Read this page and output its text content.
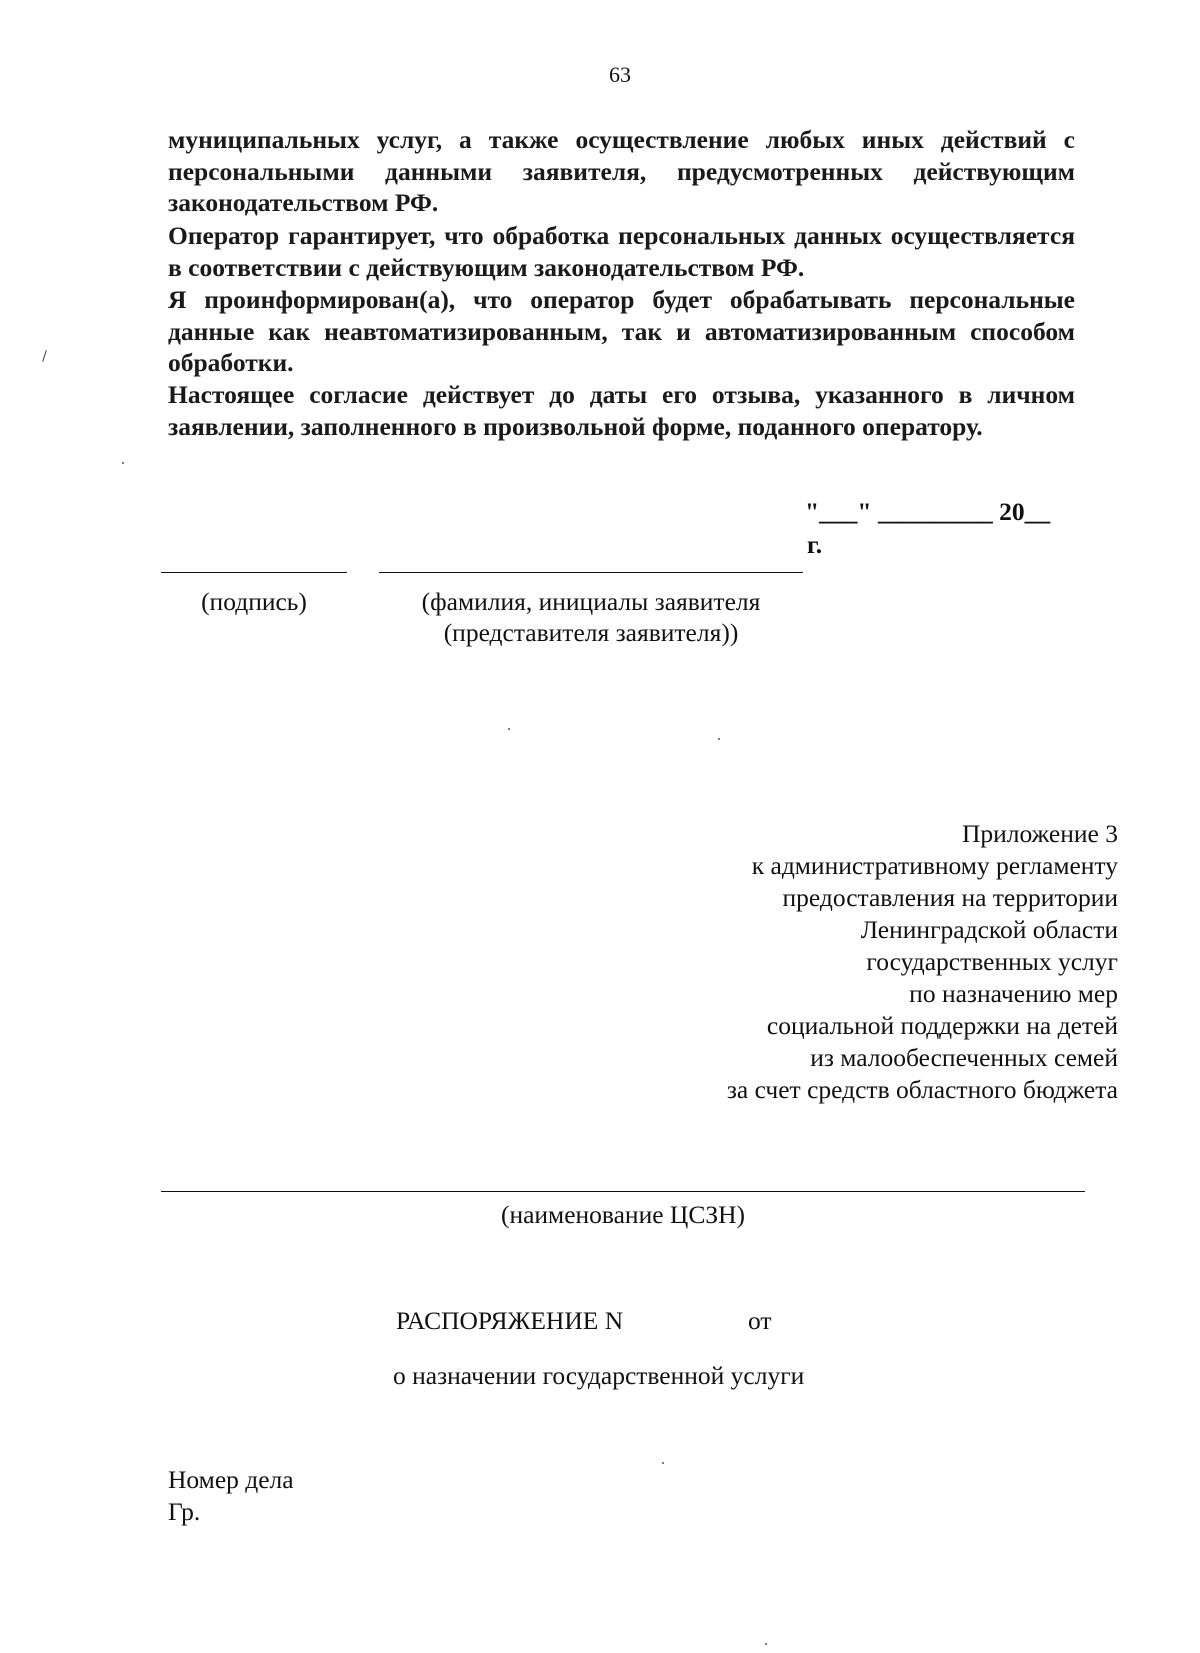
63

муниципальных услуг, а также осуществление любых иных действий с персональными данными заявителя, предусмотренных действующим законодательством РФ.

Оператор гарантирует, что обработка персональных данных осуществляется в соответствии с действующим законодательством РФ.

Я проинформирован(а), что оператор будет обрабатывать персональные данные как неавтоматизированным, так и автоматизированным способом обработки.

Настоящее согласие действует до даты его отзыва, указанного в личном заявлении, заполненного в произвольной форме, поданного оператору.

"___" _________ 20__
г.
(подпись)	(фамилия, инициалы заявителя
(представителя заявителя))
Приложение 3
к административному регламенту
предоставления на территории
Ленинградской области
государственных услуг
по назначению мер
социальной поддержки на детей
из малообеспеченных семей
за счет средств областного бюджета
(наименование ЦСЗН)
РАСПОРЯЖЕНИЕ N	от
о назначении государственной услуги
Номер дела
Гр.
